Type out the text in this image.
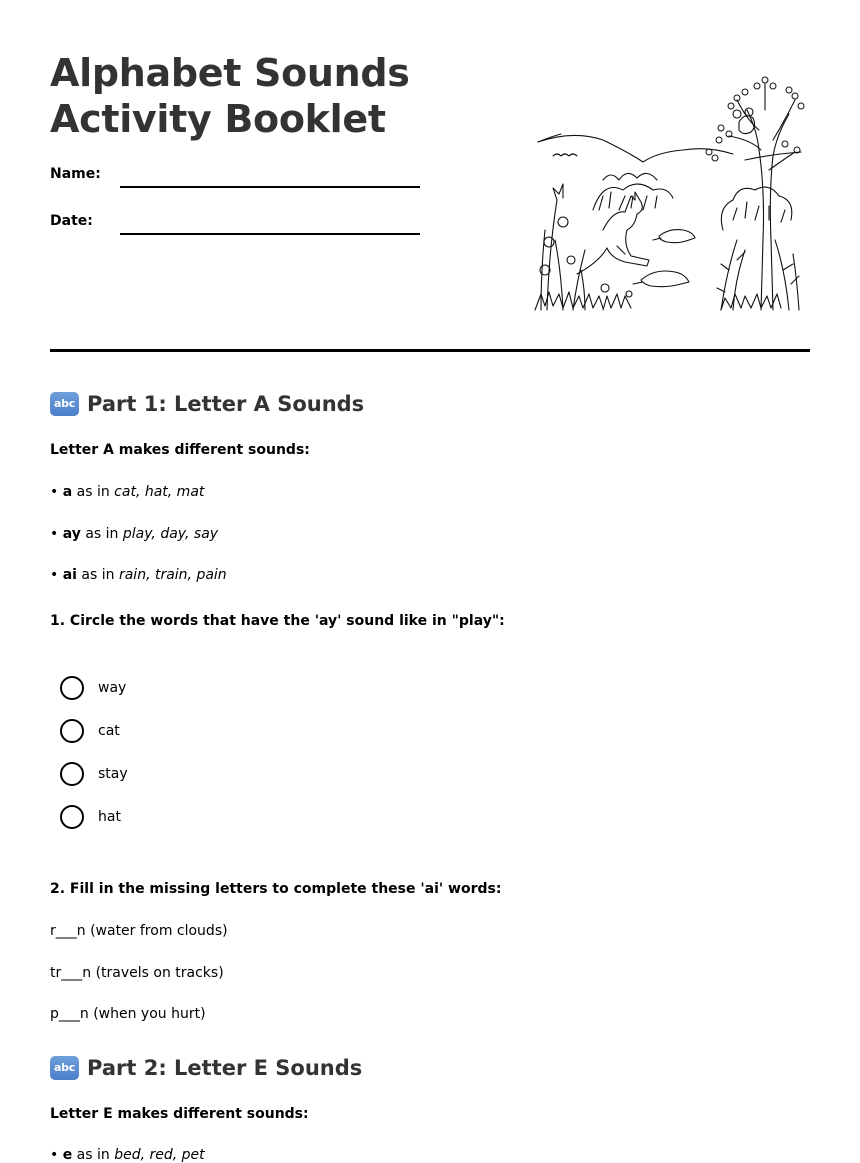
Alphabet Sounds
Activity Booklet
Name:
Date:
abc Part 1: Letter A Sounds
Letter A makes different sounds:
• a as in cat, hat, mat
• ay as in play, day, say
• ai as in rain, train, pain
1. Circle the words that have the 'ay' sound like in "play":
way
cat
stay
hat
2. Fill in the missing letters to complete these 'ai' words:
r___n (water from clouds)
tr___n (travels on tracks)
p___n (when you hurt)
abc Part 2: Letter E Sounds
Letter E makes different sounds:
• e as in bed, red, pet
